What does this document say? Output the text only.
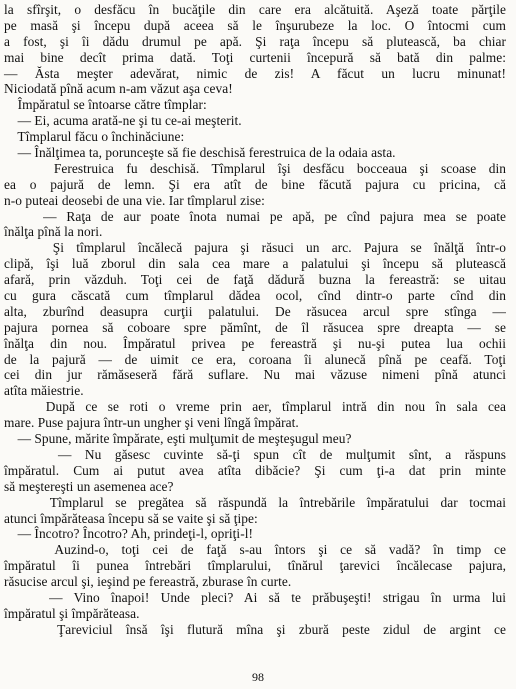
la sfîrşit, o desfăcu în bucăţile din care era alcătuită. Aşeză toate părţile
pe masă şi începu după aceea să le înşurubeze la loc. O întocmi cum
a fost, şi îi dădu drumul pe apă. Şi raţa începu să plutească, ba chiar
mai bine decît prima dată. Toţi curtenii începură să bată din palme:
— Ăsta meşter adevărat, nimic de zis! A făcut un lucru minunat!
Niciodată pînă acum n-am văzut aşa ceva!
Împăratul se întoarse către tîmplar:
— Ei, acuma arată-ne şi tu ce-ai meşterit.
Tîmplarul făcu o închinăciune:
— Înălţimea ta, porunceşte să fie deschisă ferestruica de la odaia asta.
Ferestruica fu deschisă. Tîmplarul îşi desfăcu bocceaua şi scoase din
ea o pajură de lemn. Şi era atît de bine făcută pajura cu pricina, că
n-o puteai deosebi de una vie. Iar tîmplarul zise:
— Raţa de aur poate înota numai pe apă, pe cînd pajura mea se poate
înălţa pînă la nori.
Şi tîmplarul încălecă pajura şi răsuci un arc. Pajura se înălţă într-o
clipă, îşi luă zborul din sala cea mare a palatului şi începu să plutească
afară, prin văzduh. Toţi cei de faţă dădură buzna la fereastră: se uitau
cu gura căscată cum tîmplarul dădea ocol, cînd dintr-o parte cînd din
alta, zburînd deasupra curţii palatului. De răsucea arcul spre stînga —
pajura pornea să coboare spre pămînt, de îl răsucea spre dreapta — se
înălţa din nou. Împăratul privea pe fereastră şi nu-şi putea lua ochii
de la pajură — de uimit ce era, coroana îi alunecă pînă pe ceafă. Toţi
cei din jur rămăseseră fără suflare. Nu mai văzuse nimeni pînă atunci
atîta măiestrie.
După ce se roti o vreme prin aer, tîmplarul intră din nou în sala cea
mare. Puse pajura într-un ungher şi veni lîngă împărat.
— Spune, mărite împărate, eşti mulţumit de meşteşugul meu?
— Nu găsesc cuvinte să-ţi spun cît de mulţumit sînt, a răspuns
împăratul. Cum ai putut avea atîta dibăcie? Şi cum ţi-a dat prin minte
să meştereşti un asemenea ace?
Tîmplarul se pregătea să răspundă la întrebările împăratului dar tocmai
atunci împărăteasa începu să se vaite şi să ţipe:
— Încotro? Încotro? Ah, prindeţi-l, opriţi-l!
Auzind-o, toţi cei de faţă s-au întors şi ce să vadă? în timp ce
împăratul îi punea întrebări tîmplarului, tînărul ţarevici încălecase pajura,
răsucise arcul şi, ieşind pe fereastră, zburase în curte.
— Vino înapoi! Unde pleci? Ai să te prăbuşeşti! strigau în urma lui
împăratul şi împărăteasa.
Ţareviciul însă îşi flutură mîna şi zbură peste zidul de argint ce
98
